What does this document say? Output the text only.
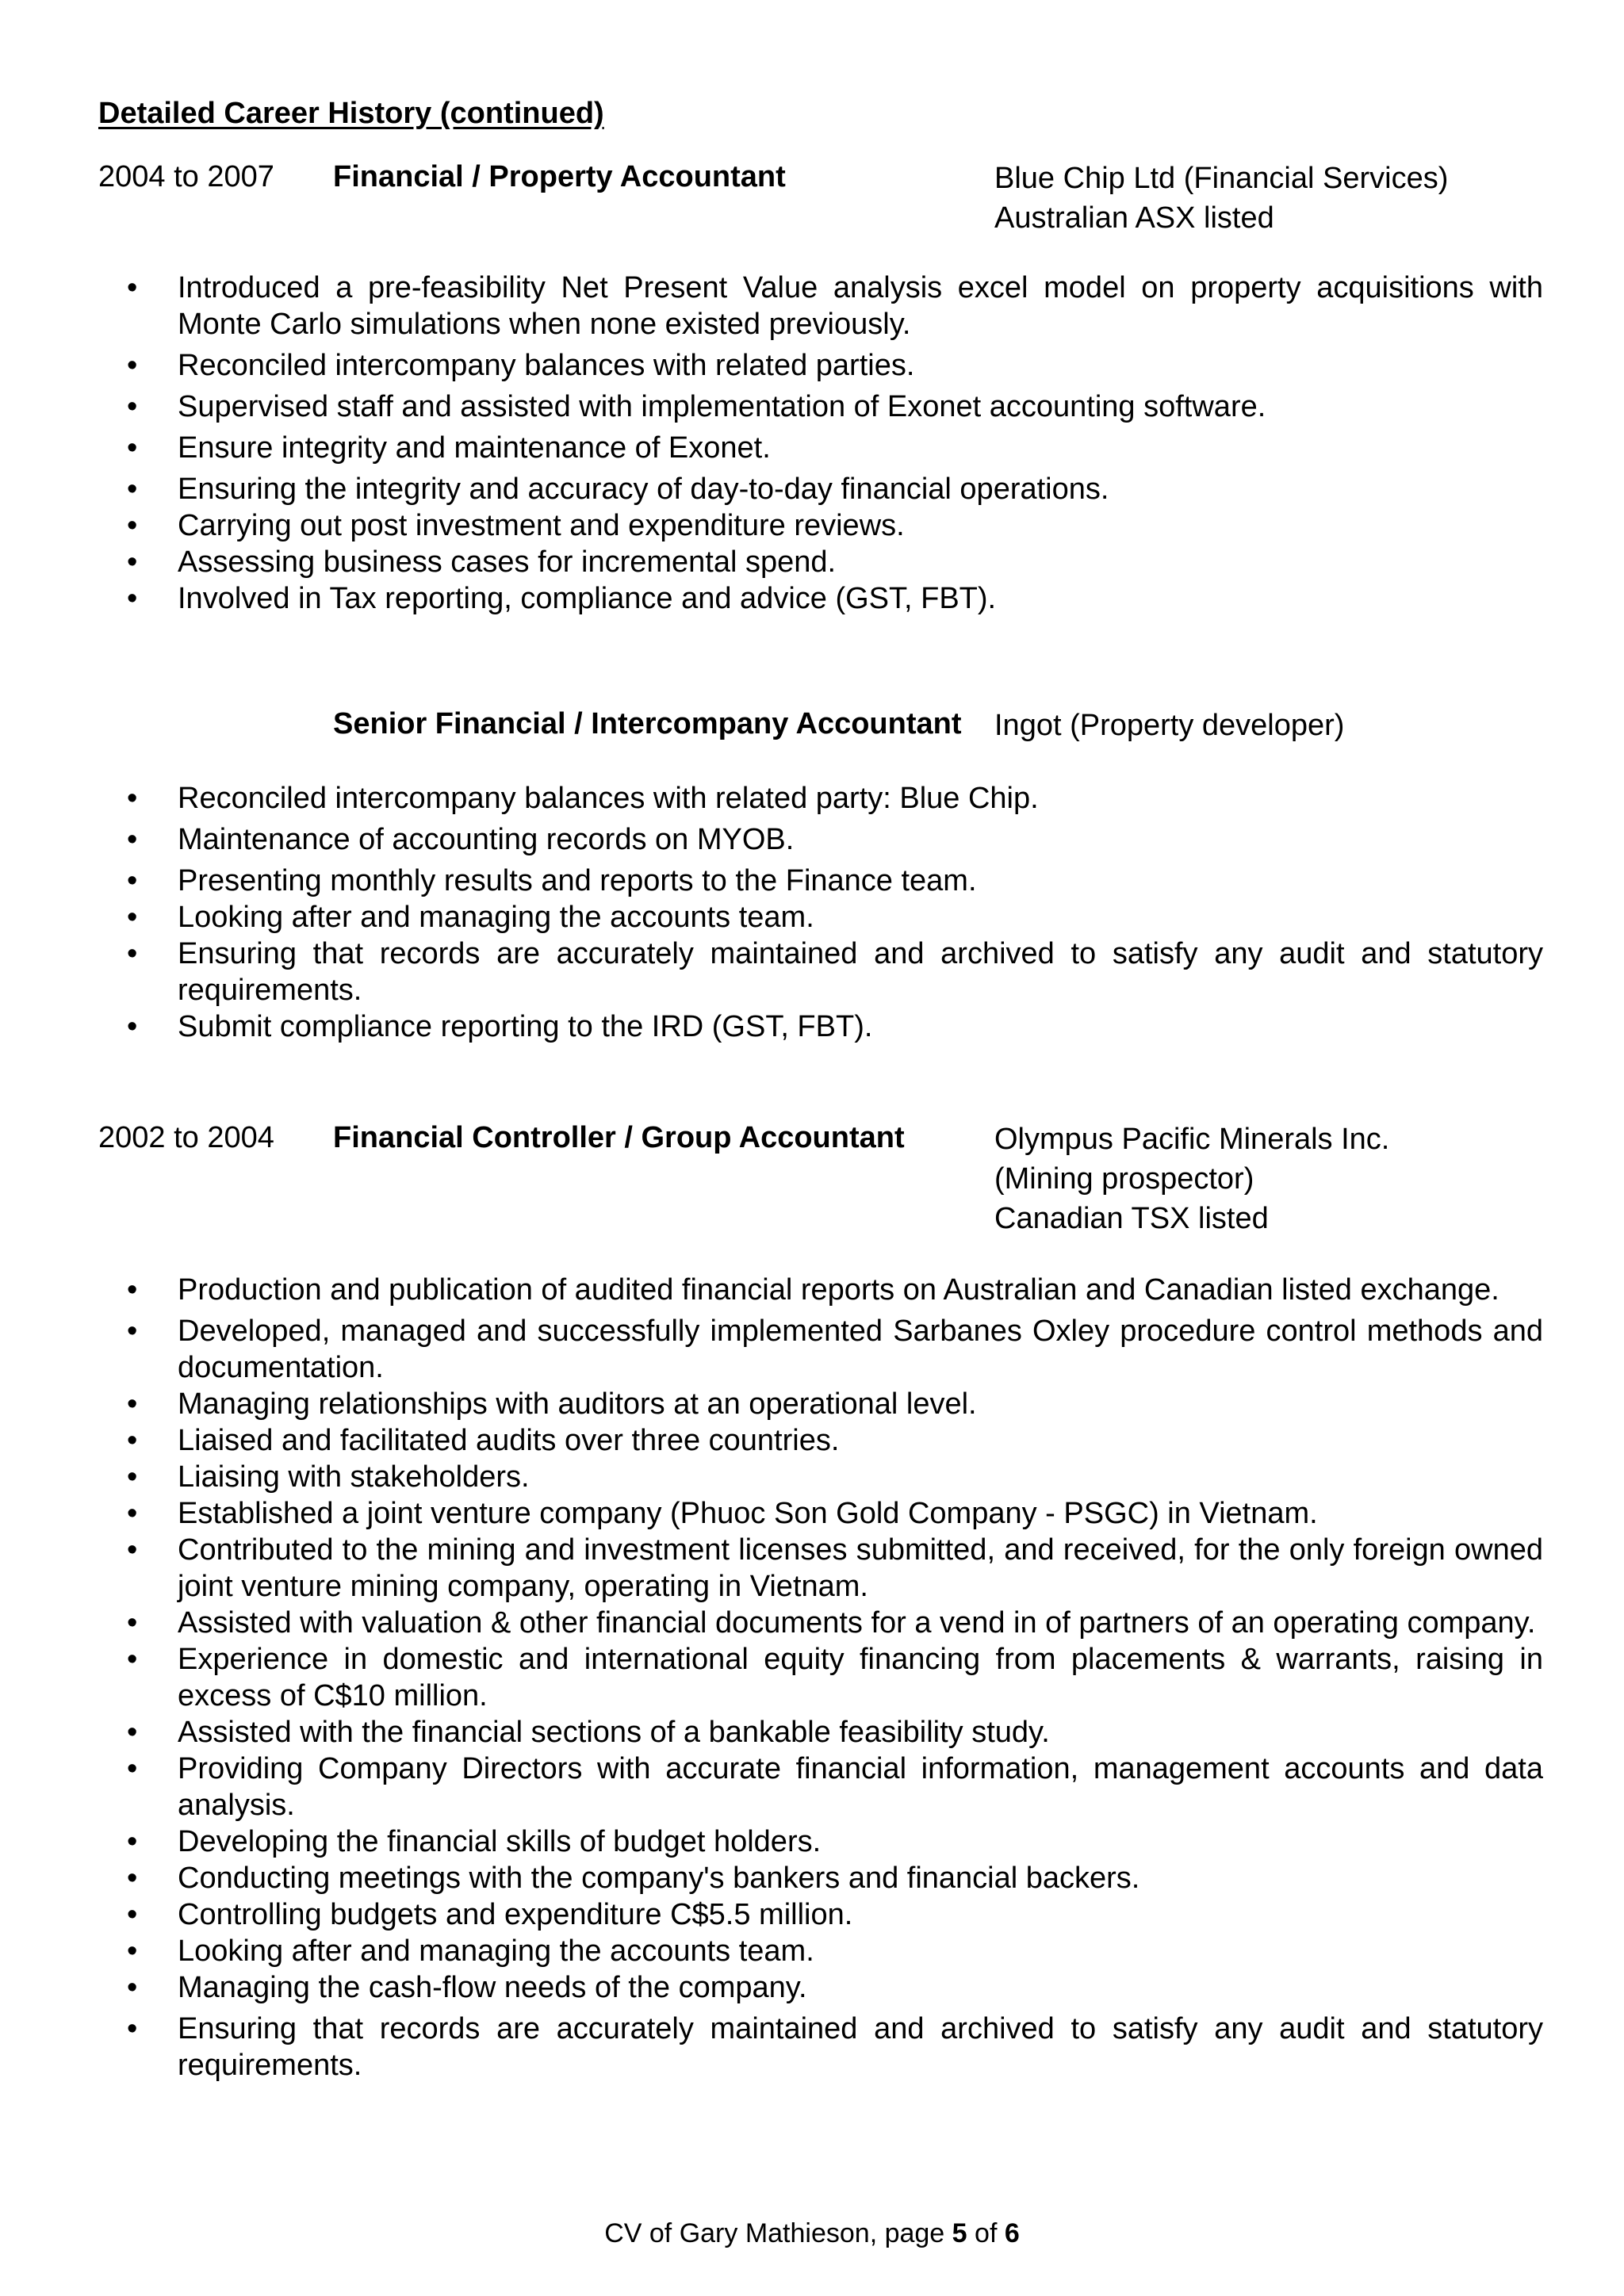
Detailed Career History (continued)
2004 to 2007 Financial / Property Accountant	Blue Chip Ltd (Financial Services)
Australian ASX listed
• Introduced a pre-feasibility Net Present Value analysis excel model on property acquisitions with Monte Carlo simulations when none existed previously.
• Reconciled intercompany balances with related parties.
• Supervised staff and assisted with implementation of Exonet accounting software.
• Ensure integrity and maintenance of Exonet.
• Ensuring the integrity and accuracy of day-to-day financial operations.
• Carrying out post investment and expenditure reviews.
• Assessing business cases for incremental spend.
• Involved in Tax reporting, compliance and advice (GST, FBT).
Senior Financial / Intercompany Accountant Ingot (Property developer)
• Reconciled intercompany balances with related party: Blue Chip.
• Maintenance of accounting records on MYOB.
• Presenting monthly results and reports to the Finance team.
• Looking after and managing the accounts team.
• Ensuring that records are accurately maintained and archived to satisfy any audit and statutory requirements.
• Submit compliance reporting to the IRD (GST, FBT).
2002 to 2004 Financial Controller / Group Accountant	Olympus Pacific Minerals Inc.
(Mining prospector)
Canadian TSX listed
• Production and publication of audited financial reports on Australian and Canadian listed exchange.
• Developed, managed and successfully implemented Sarbanes Oxley procedure control methods and documentation.
• Managing relationships with auditors at an operational level.
• Liaised and facilitated audits over three countries.
• Liaising with stakeholders.
• Established a joint venture company (Phuoc Son Gold Company - PSGC) in Vietnam.
• Contributed to the mining and investment licenses submitted, and received, for the only foreign owned joint venture mining company, operating in Vietnam.
• Assisted with valuation & other financial documents for a vend in of partners of an operating company.
• Experience in domestic and international equity financing from placements & warrants, raising in excess of C$10 million.
• Assisted with the financial sections of a bankable feasibility study.
• Providing Company Directors with accurate financial information, management accounts and data analysis.
• Developing the financial skills of budget holders.
• Conducting meetings with the company's bankers and financial backers.
• Controlling budgets and expenditure C$5.5 million.
• Looking after and managing the accounts team.
• Managing the cash-flow needs of the company.
• Ensuring that records are accurately maintained and archived to satisfy any audit and statutory requirements.
CV of Gary Mathieson, page 5 of 6
